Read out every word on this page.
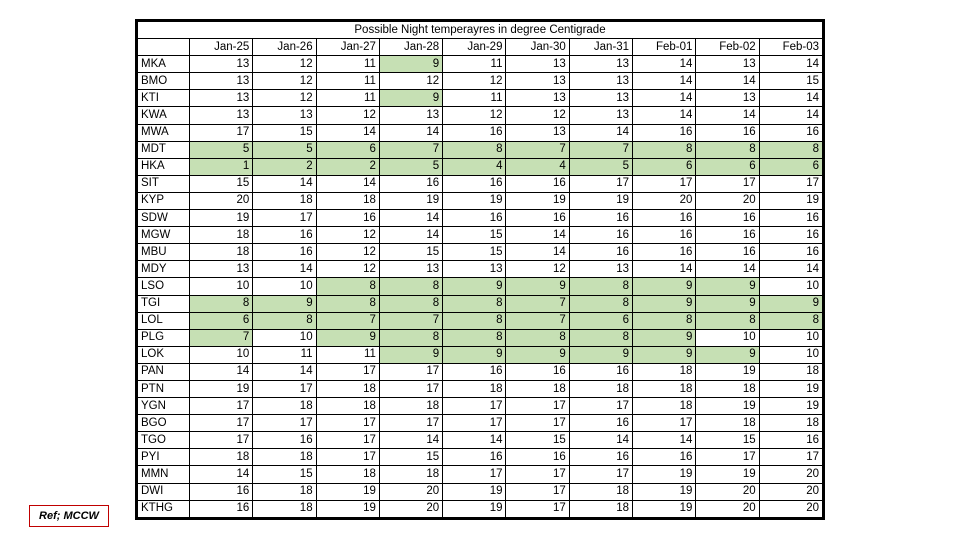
Possible Night temperayres in degree Centigrade										
	Jan-25	Jan-26	Jan-27	Jan-28	Jan-29	Jan-30	Jan-31	Feb-01	Feb-02	Feb-03
MKA	13	12	11	9	11	13	13	14	13	14
BMO	13	12	11	12	12	13	13	14	14	15
KTI	13	12	11	9	11	13	13	14	13	14
KWA	13	13	12	13	12	12	13	14	14	14
MWA	17	15	14	14	16	13	14	16	16	16
MDT	5	5	6	7	8	7	7	8	8	8
HKA	1	2	2	5	4	4	5	6	6	6
SIT	15	14	14	16	16	16	17	17	17	17
KYP	20	18	18	19	19	19	19	20	20	19
SDW	19	17	16	14	16	16	16	16	16	16
MGW	18	16	12	14	15	14	16	16	16	16
MBU	18	16	12	15	15	14	16	16	16	16
MDY	13	14	12	13	13	12	13	14	14	14
LSO	10	10	8	8	9	9	8	9	9	10
TGI	8	9	8	8	8	7	8	9	9	9
LOL	6	8	7	7	8	7	6	8	8	8
PLG	7	10	9	8	8	8	8	9	10	10
LOK	10	11	11	9	9	9	9	9	9	10
PAN	14	14	17	17	16	16	16	18	19	18
PTN	19	17	18	17	18	18	18	18	18	19
YGN	17	18	18	18	17	17	17	18	19	19
BGO	17	17	17	17	17	17	16	17	18	18
TGO	17	16	17	14	14	15	14	14	15	16
PYI	18	18	17	15	16	16	16	16	17	17
MMN	14	15	18	18	17	17	17	19	19	20
DWI	16	18	19	20	19	17	18	19	20	20
KTHG	16	18	19	20	19	17	18	19	20	20
Ref; MCCW
